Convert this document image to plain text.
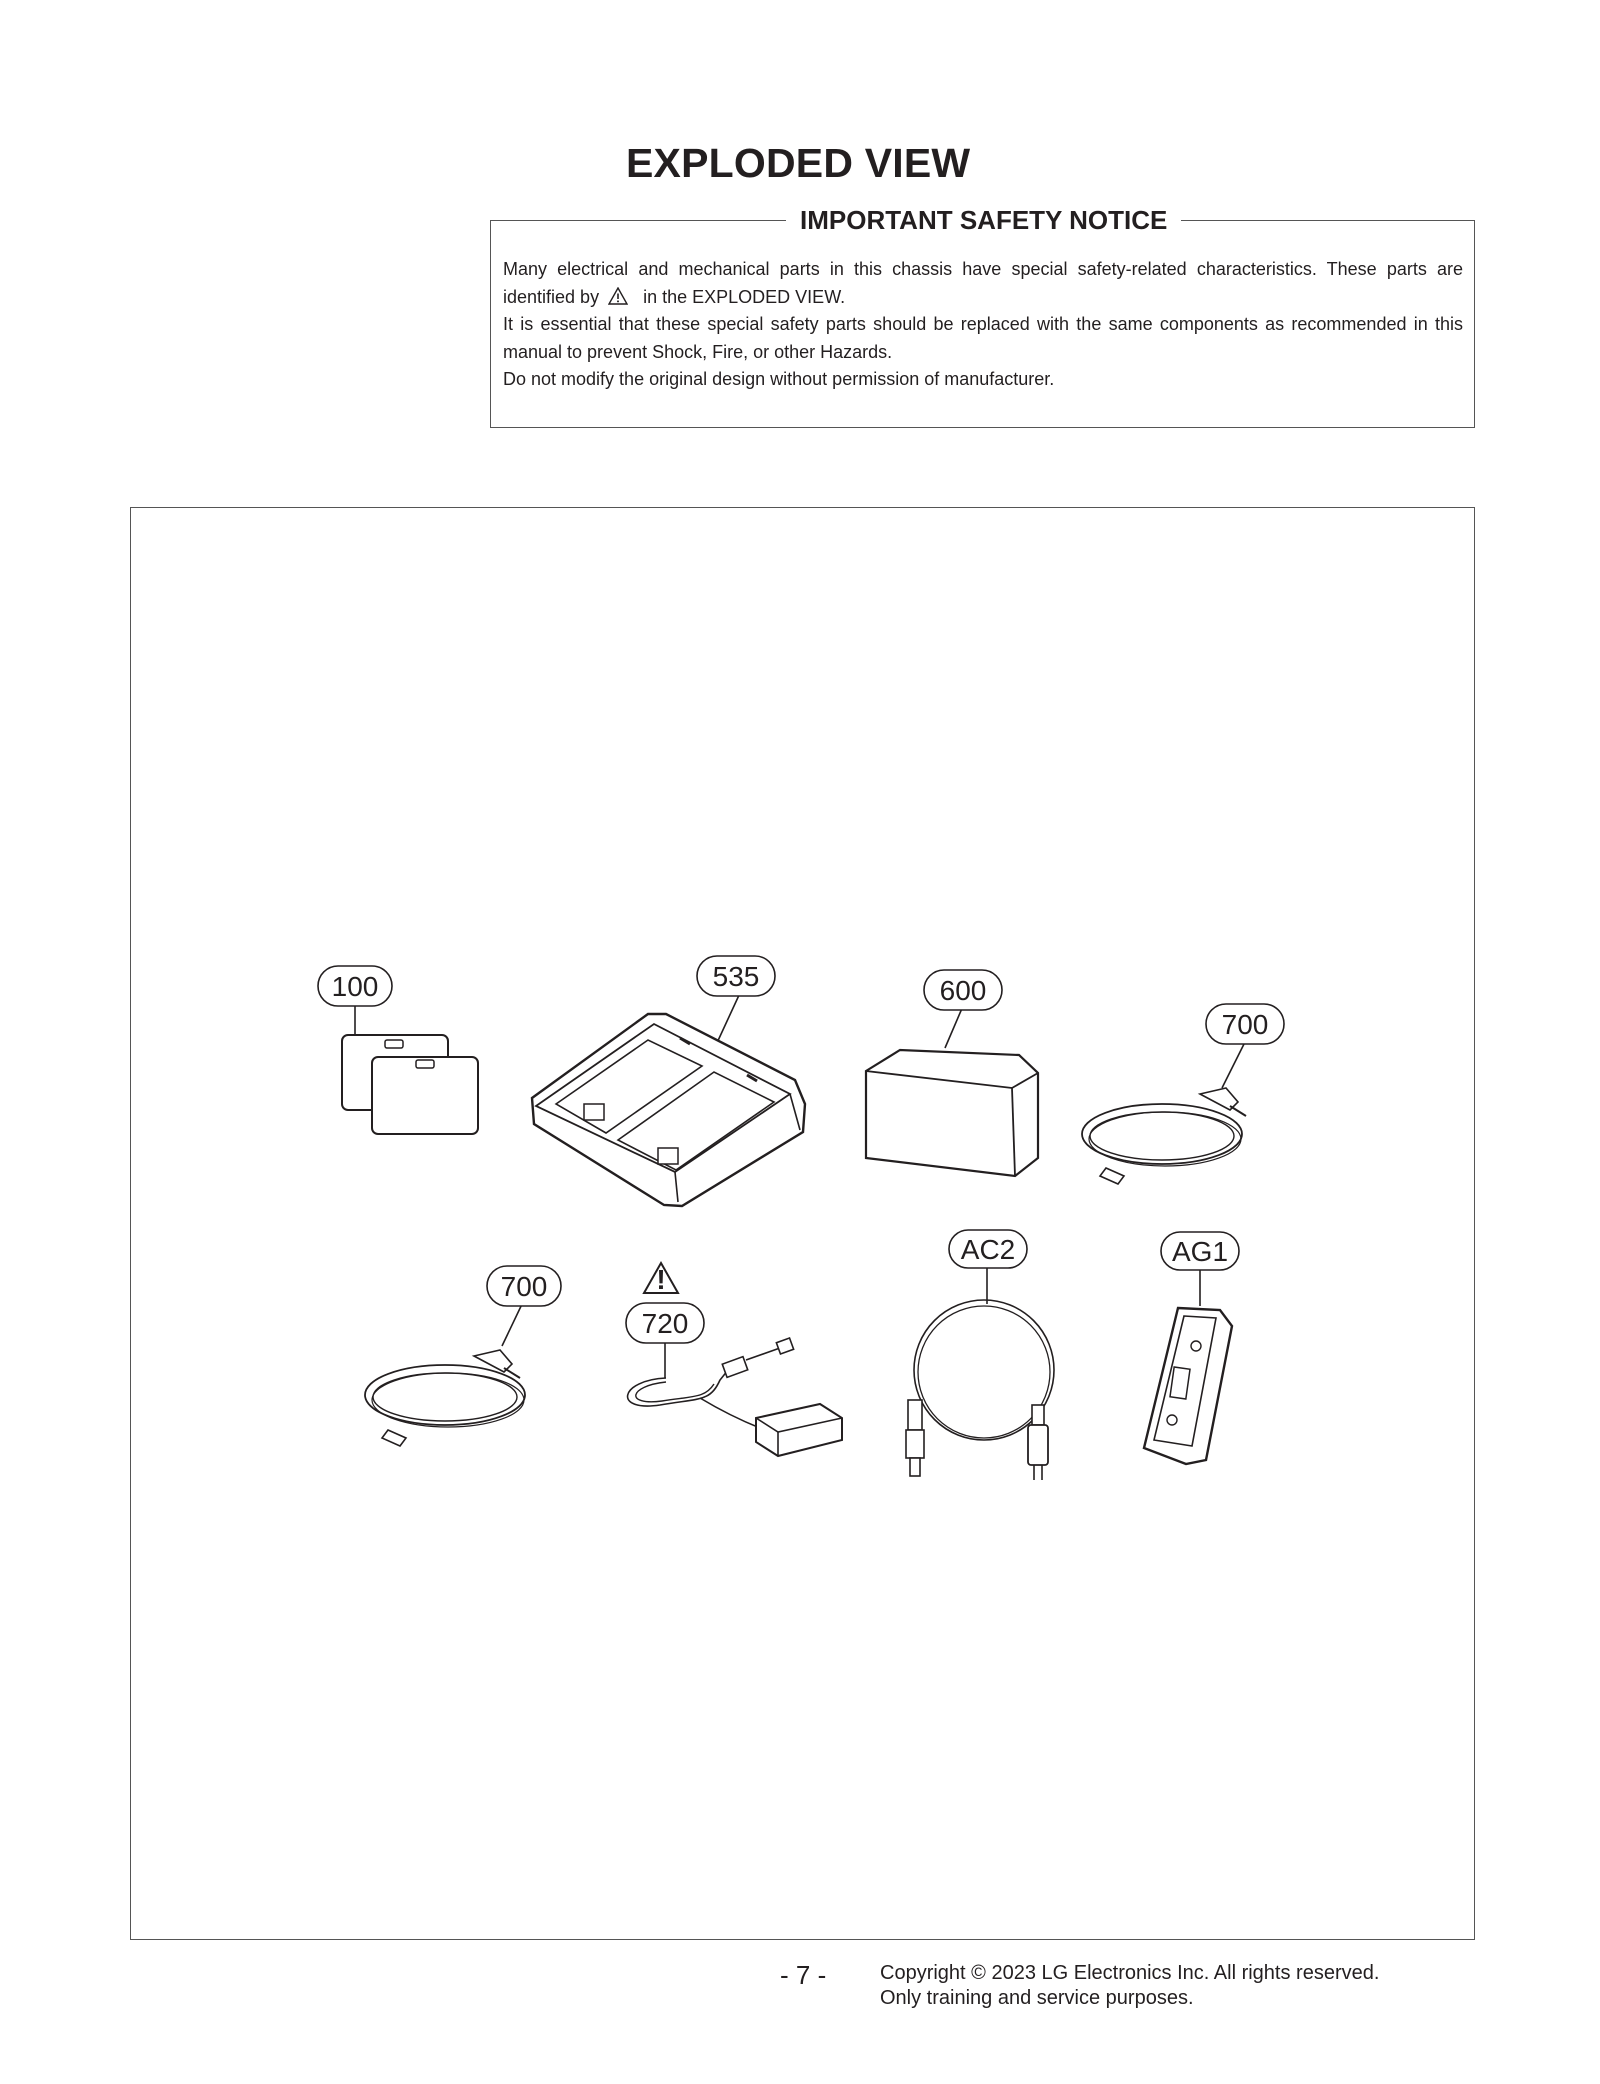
EXPLODED VIEW
IMPORTANT SAFETY NOTICE

Many electrical and mechanical parts in this chassis have special safety-related characteristics. These parts are identified by in the EXPLODED VIEW.

It is essential that these special safety parts should be replaced with the same components as recommended in this manual to prevent Shock, Fire, or other Hazards.

Do not modify the original design without permission of manufacturer.

!
100	535	600
700
700
720
AC2	AG1
- 7 -	Copyright © 2023 LG Electronics Inc. All rights reserved.
Only training and service purposes.
